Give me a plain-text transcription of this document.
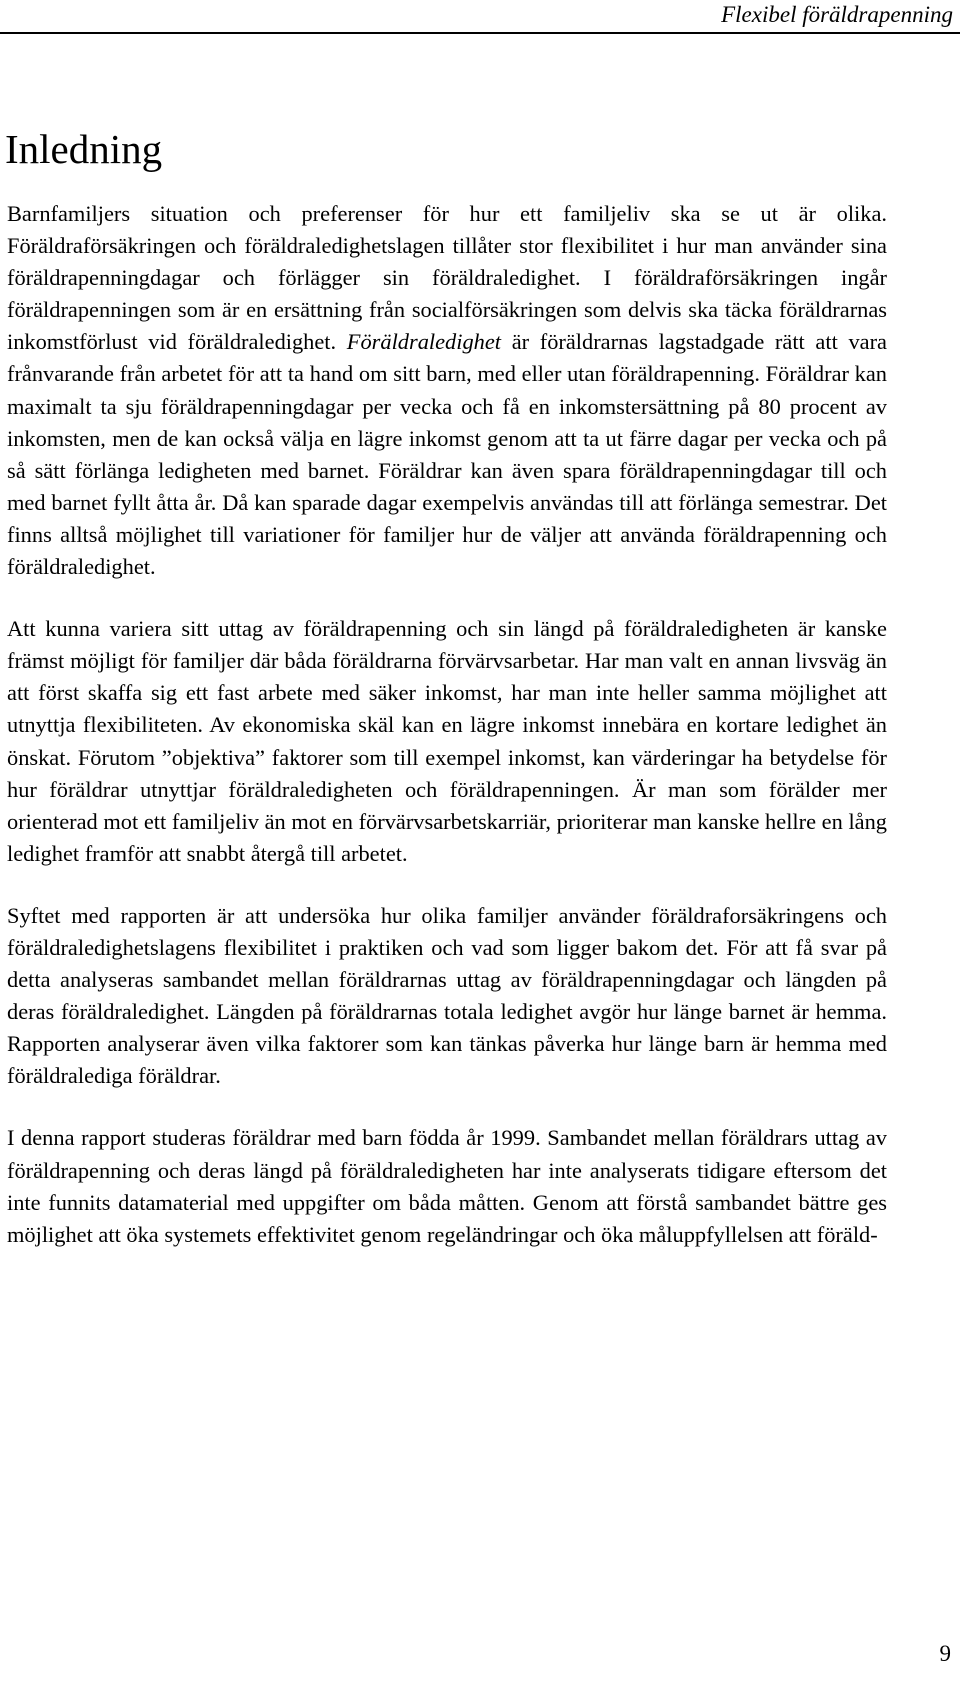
Flexibel föräldrapenning
Inledning

Barnfamiljers situation och preferenser för hur ett familjeliv ska se ut är olika. Föräldraförsäkringen och föräldraledighetslagen tillåter stor flexibilitet i hur man använder sina föräldrapenningdagar och förlägger sin föräldraledighet. I föräldraförsäkringen ingår föräldrapenningen som är en ersättning från socialförsäkringen som delvis ska täcka föräldrarnas inkomstförlust vid föräldraledighet. Föräldraledighet är föräldrarnas lagstadgade rätt att vara frånvarande från arbetet för att ta hand om sitt barn, med eller utan föräldrapenning. Föräldrar kan maximalt ta sju föräldrapenningdagar per vecka och få en inkomstersättning på 80 procent av inkomsten, men de kan också välja en lägre inkomst genom att ta ut färre dagar per vecka och på så sätt förlänga ledigheten med barnet. Föräldrar kan även spara föräldrapenningdagar till och med barnet fyllt åtta år. Då kan sparade dagar exempelvis användas till att förlänga semestrar. Det finns alltså möjlighet till variationer för familjer hur de väljer att använda föräldrapenning och föräldraledighet.

Att kunna variera sitt uttag av föräldrapenning och sin längd på föräldraledigheten är kanske främst möjligt för familjer där båda föräldrarna förvärvsarbetar. Har man valt en annan livsväg än att först skaffa sig ett fast arbete med säker inkomst, har man inte heller samma möjlighet att utnyttja flexibiliteten. Av ekonomiska skäl kan en lägre inkomst innebära en kortare ledighet än önskat. Förutom ”objektiva” faktorer som till exempel inkomst, kan värderingar ha betydelse för hur föräldrar utnyttjar föräldraledigheten och föräldrapenningen. Är man som förälder mer orienterad mot ett familjeliv än mot en förvärvsarbetskarriär, prioriterar man kanske hellre en lång ledighet framför att snabbt återgå till arbetet.

Syftet med rapporten är att undersöka hur olika familjer använder föräldraforsäkringens och föräldraledighetslagens flexibilitet i praktiken och vad som ligger bakom det. För att få svar på detta analyseras sambandet mellan föräldrarnas uttag av föräldrapenningdagar och längden på deras föräldraledighet. Längden på föräldrarnas totala ledighet avgör hur länge barnet är hemma. Rapporten analyserar även vilka faktorer som kan tänkas påverka hur länge barn är hemma med föräldralediga föräldrar.

I denna rapport studeras föräldrar med barn födda år 1999. Sambandet mellan föräldrars uttag av föräldrapenning och deras längd på föräldraledigheten har inte analyserats tidigare eftersom det inte funnits datamaterial med uppgifter om båda måtten. Genom att förstå sambandet bättre ges möjlighet att öka systemets effektivitet genom regeländringar och öka måluppfyllelsen att föräld‑

9
